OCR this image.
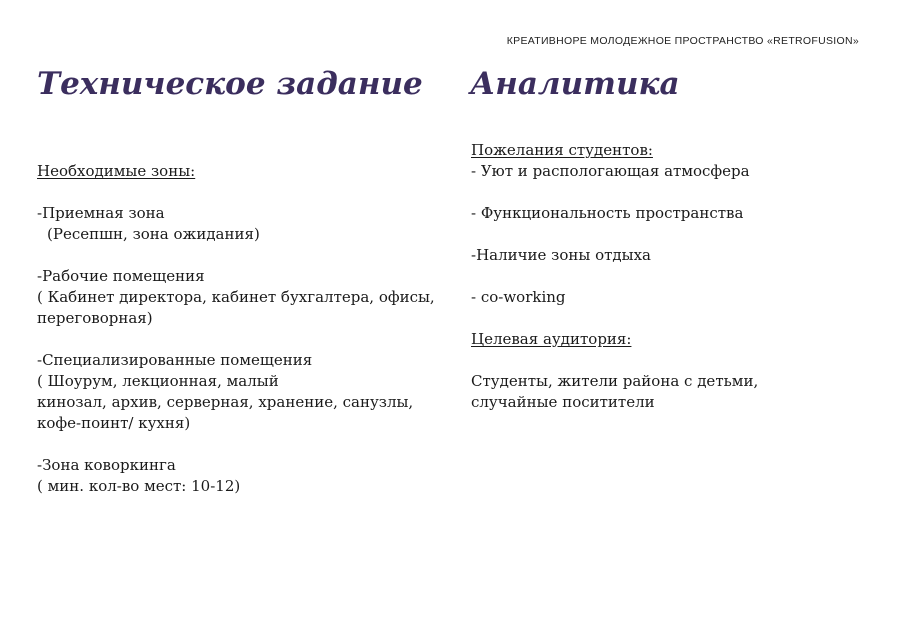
КРЕАТИВНОРЕ МОЛОДЕЖНОЕ ПРОСТРАНСТВО «RETROFUSION»
Техническое задание Аналитика
Необходимые зоны:
-Приемная зона
(Ресепшн, зона ожидания)
-Рабочие помещения
( Кабинет директора, кабинет бухгалтера, офисы,
переговорная)
-Специализированные помещения
( Шоурум, лекционная, малый
кинозал, архив, серверная, хранение, санузлы,
кофе-поинт/ кухня)
-Зона коворкинга
( мин. кол-во мест: 10-12)
Пожелания студентов:
- Уют и распологающая атмосфера
- Функциональность пространства
-Наличие зоны отдыха
- co-working
Целевая аудитория:
Студенты, жители района с детьми,
случайные поситители
